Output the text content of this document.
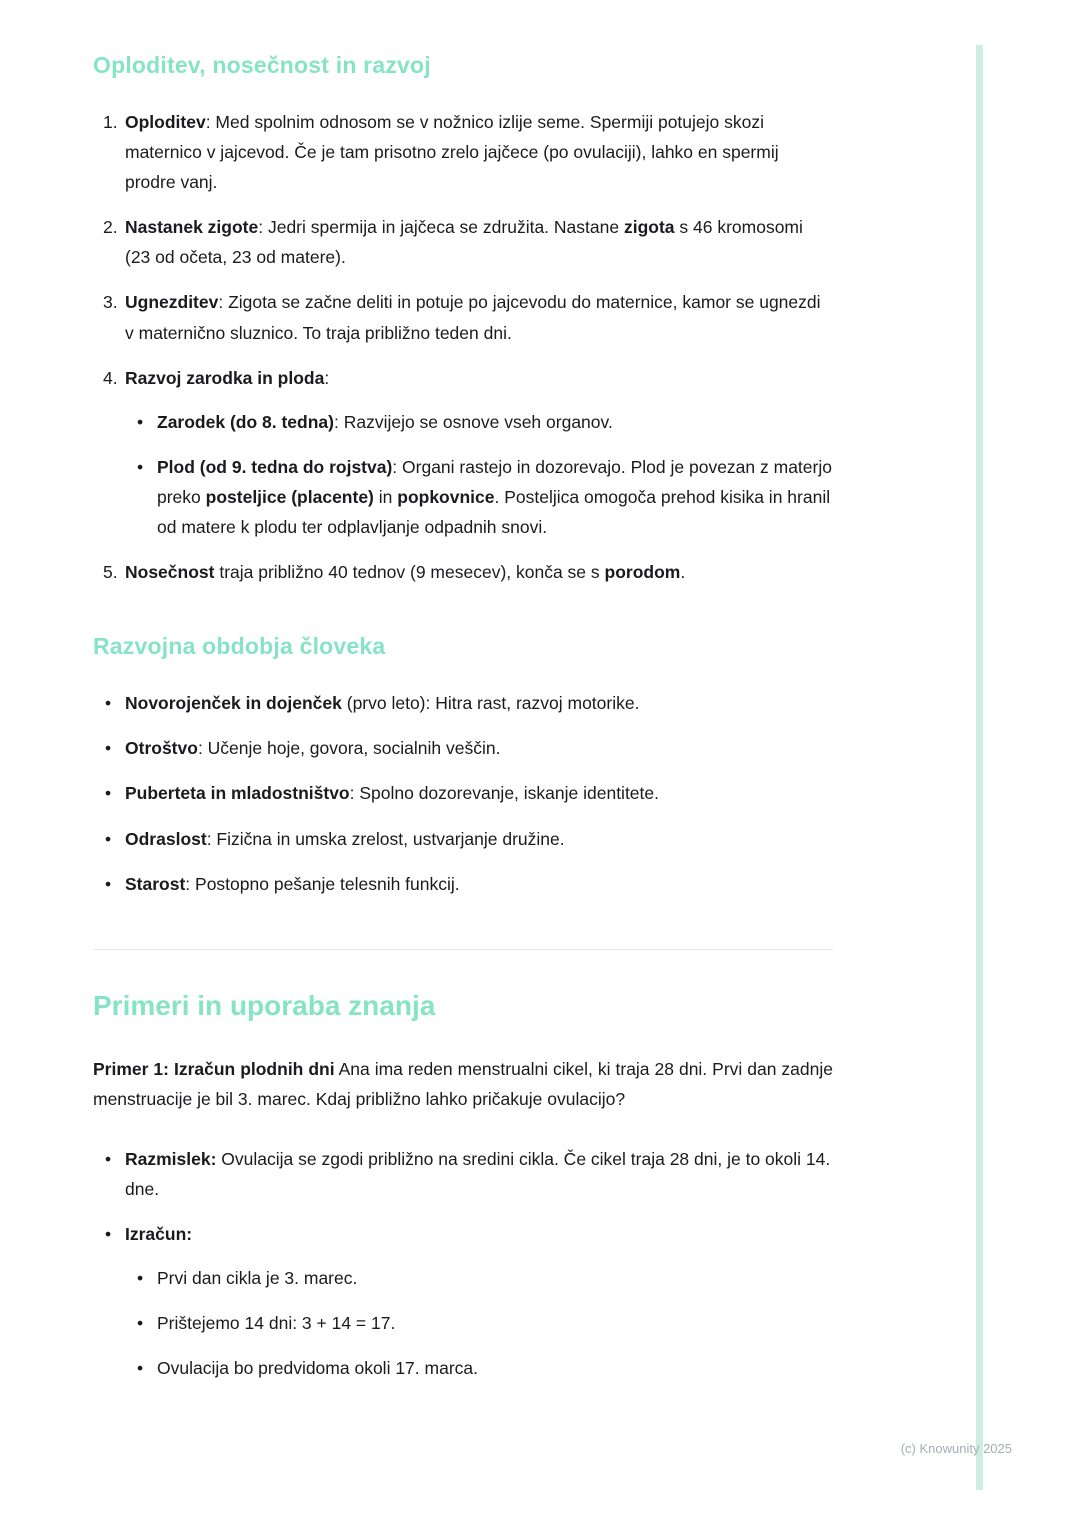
Oploditev, nosečnost in razvoj
1. Oploditev: Med spolnim odnosom se v nožnico izlije seme. Spermiji potujejo skozi maternico v jajcevod. Če je tam prisotno zrelo jajčece (po ovulaciji), lahko en spermij prodre vanj.
2. Nastanek zigote: Jedri spermija in jajčeca se združita. Nastane zigota s 46 kromosomi (23 od očeta, 23 od matere).
3. Ugnezditev: Zigota se začne deliti in potuje po jajcevodu do maternice, kamor se ugnezdi v maternično sluznico. To traja približno teden dni.
4. Razvoj zarodka in ploda:
• Zarodek (do 8. tedna): Razvijejo se osnove vseh organov.
• Plod (od 9. tedna do rojstva): Organi rastejo in dozorevajo. Plod je povezan z materjo preko posteljice (placente) in popkovnice. Posteljica omogoča prehod kisika in hranil od matere k plodu ter odplavljanje odpadnih snovi.
5. Nosečnost traja približno 40 tednov (9 mesecev), konča se s porodom.
Razvojna obdobja človeka
• Novorojenček in dojenček (prvo leto): Hitra rast, razvoj motorike.
• Otroštvo: Učenje hoje, govora, socialnih veščin.
• Puberteta in mladostništvo: Spolno dozorevanje, iskanje identitete.
• Odraslost: Fizična in umska zrelost, ustvarjanje družine.
• Starost: Postopno pešanje telesnih funkcij.
Primeri in uporaba znanja

Primer 1: Izračun plodnih dni Ana ima reden menstrualni cikel, ki traja 28 dni. Prvi dan zadnje menstruacije je bil 3. marec. Kdaj približno lahko pričakuje ovulacijo?

• Razmislek: Ovulacija se zgodi približno na sredini cikla. Če cikel traja 28 dni, je to okoli 14. dne.
• Izračun:
• Prvi dan cikla je 3. marec.
• Prištejemo 14 dni: 3 + 14 = 17.
• Ovulacija bo predvidoma okoli 17. marca.
(c) Knowunity 2025
